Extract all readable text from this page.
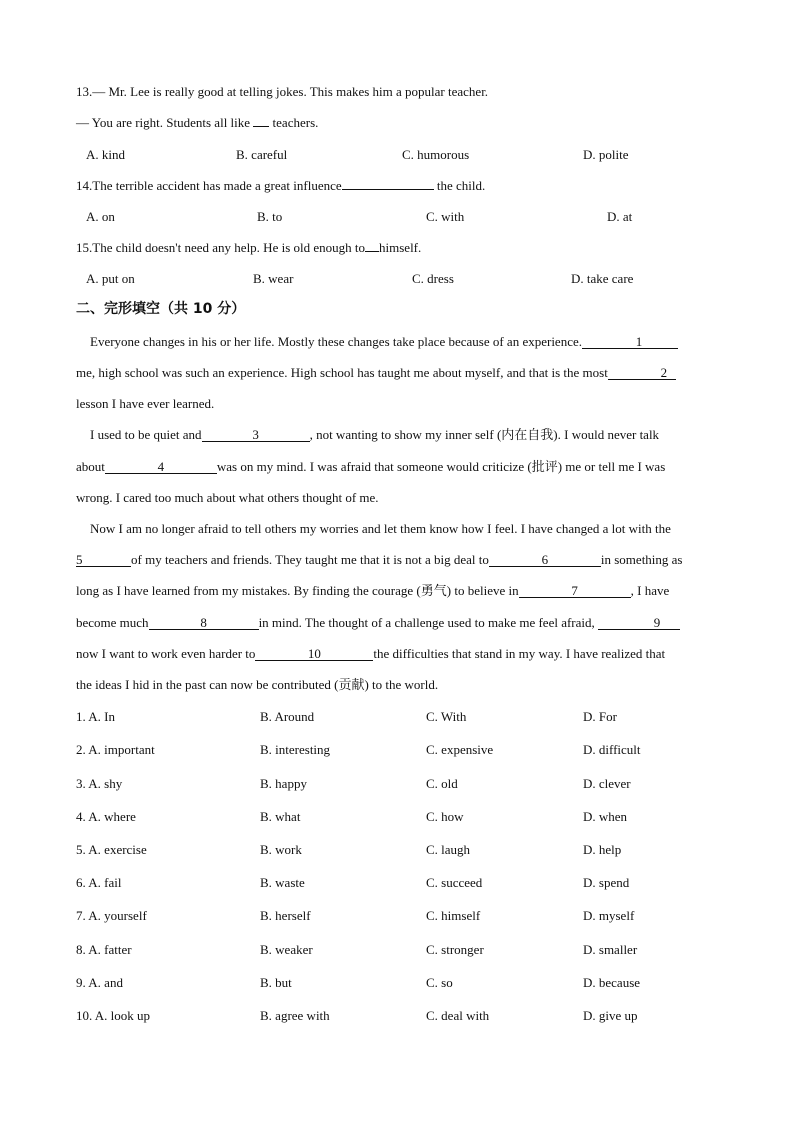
13.— Mr. Lee is really good at telling jokes. This makes him a popular teacher.
— You are right. Students all like teachers.
A. kind	B. careful	C. humorous	D. polite
14.The terrible accident has made a great influence	the child.
A. on	B. to	C. with	D. at
15.The child doesn't need any help. He is old enough to himself.
A. put on	B. wear	C. dress	D. take care
二、完形填空（共 10 分）
Everyone changes in his or her life. Mostly these changes take place because of an experience.	1
me, high school was such an experience. High school has taught me about myself, and that is the most	2
lesson I have ever learned.
I used to be quiet and	3	, not wanting to show my inner self (内在自我). I would never talk
about	4	was on my mind. I was afraid that someone would criticize (批评) me or tell me I was
wrong. I cared too much about what others thought of me.
Now I am no longer afraid to tell others my worries and let them know how I feel. I have changed a lot with the
5	of my teachers and friends. They taught me that it is not a big deal to	6	in something as
long as I have learned from my mistakes. By finding the courage (勇气) to believe in	7	, I have
become much	8	in mind. The thought of a challenge used to make me feel afraid,	9
now I want to work even harder to	10	the difficulties that stand in my way. I have realized that
the ideas I hid in the past can now be contributed (贡献) to the world.
1. A. In	B. Around	C. With	D. For
2. A. important	B. interesting	C. expensive	D. difficult
3. A. shy	B. happy	C. old	D. clever
4. A. where	B. what	C. how	D. when
5. A. exercise	B. work	C. laugh	D. help
6. A. fail	B. waste	C. succeed	D. spend
7. A. yourself	B. herself	C. himself	D. myself
8. A. fatter	B. weaker	C. stronger	D. smaller
9. A. and	B. but	C. so	D. because
10. A. look up	B. agree with	C. deal with	D. give up
